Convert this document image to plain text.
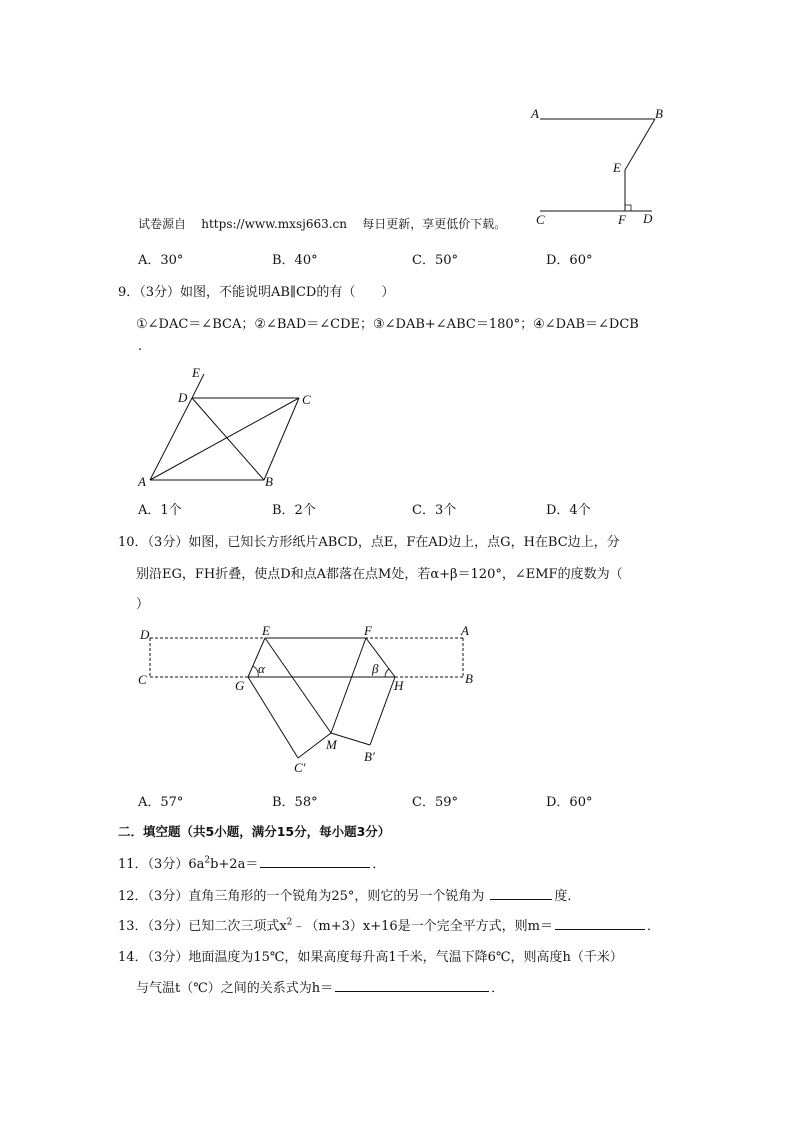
A	B
E
C	F D
试卷源自    https://www.mxsj663.cn    每日更新，享更低价下载。
A．30°	B．40°	C．50°	D．60°
9．（3分）如图，不能说明AB∥CD的有（　　）
①∠DAC＝∠BCA；②∠BAD＝∠CDE；③∠DAB+∠ABC＝180°；④∠DAB＝∠DCB
.
E
D	C
A	B
A．1个	B．2个	C．3个	D．4个
10．（3分）如图，已知长方形纸片ABCD，点E，F在AD边上，点G，H在BC边上，分
别沿EG，FH折叠，使点D和点A都落在点M处，若α+β＝120°，∠EMF的度数为（
）
D	E	F	A
C	G	H	B
α	β
M
C′
B′
A．57°	B．58°	C．59°	D．60°
二．填空题（共5小题，满分15分，每小题3分）
11．（3分）$6a^2b+2a=$	．
12．（3分）直角三角形的一个锐角为25°，则它的另一个锐角为	度．
13．（3分）已知二次三项式$x^2﹣(m+3)x+16$是一个完全平方式，则m＝	．
14．（3分）地面温度为15℃，如果高度每升高1千米，气温下降6℃，则高度h（千米）
与气温t（℃）之间的关系式为h＝	．
